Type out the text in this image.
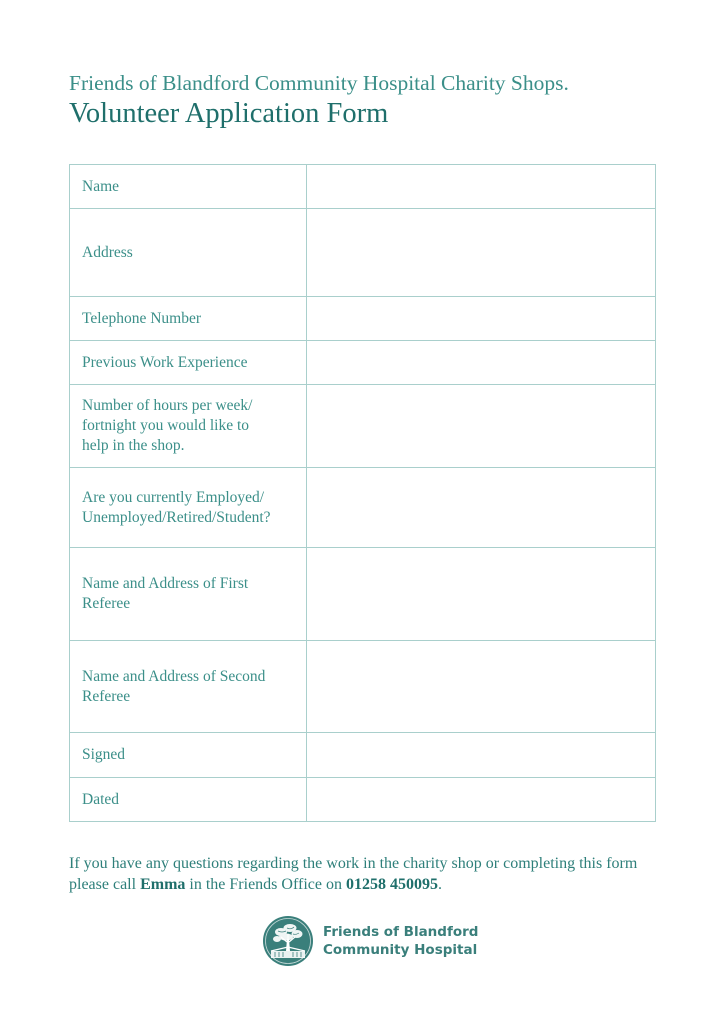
Friends of Blandford Community Hospital Charity Shops.
Volunteer Application Form
Name	

Address	

Telephone Number	

Previous Work Experience	

Number of hours per week/
fortnight you would like to
help in the shop.	

Are you currently Employed/
Unemployed/Retired/Student?	

Name and Address of First
Referee	

Name and Address of Second
Referee	

Signed	

Dated	

If you have any questions regarding the work in the charity shop or completing this form please call Emma in the Friends Office on 01258 450095.
Friends of Blandford
Community Hospital
